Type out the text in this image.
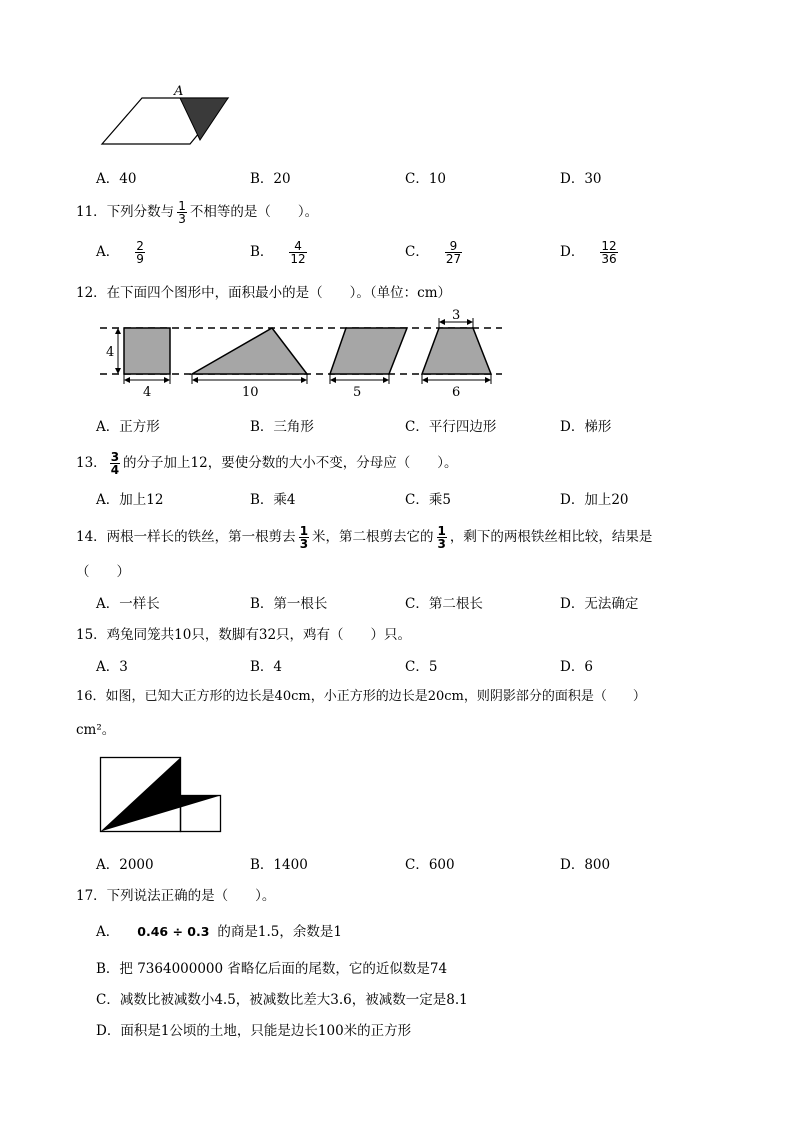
A
A．40	B．20	C．10	D．30
11．下列分数与 $\frac{1}{3}$ 不相等的是（　　）。
A． $\frac{2}{9}$	B． $\frac{4}{12}$	C． $\frac{9}{27}$	D． $\frac{12}{36}$
12．在下面四个图形中，面积最小的是（　　）。（单位：cm）
4
4	10	5
3
6
A．正方形	B．三角形	C．平行四边形	D．梯形
13． $\frac{3}{4}$ 的分子加上12，要使分数的大小不变，分母应（　　）。
A．加上12	B．乘4	C．乘5	D．加上20
14．两根一样长的铁丝，第一根剪去 $\frac{1}{3}$ 米，第二根剪去它的 $\frac{1}{3}$ ，剩下的两根铁丝相比较，结果是
（　　）
A．一样长	B．第一根长	C．第二根长	D．无法确定
15．鸡兔同笼共10只，数脚有32只，鸡有（　　）只。
A．3	B．4	C．5	D．6
16．如图，已知大正方形的边长是40cm，小正方形的边长是20cm，则阴影部分的面积是（　　）
cm²。
A．2000	B．1400	C．600	D．800
17．下列说法正确的是（　　）。
A． 0.46 ÷ 0.3 的商是1.5，余数是1
B．把 7364000000 省略亿后面的尾数，它的近似数是74
C．减数比被减数小4.5，被减数比差大3.6，被减数一定是8.1
D．面积是1公顷的土地，只能是边长100米的正方形
